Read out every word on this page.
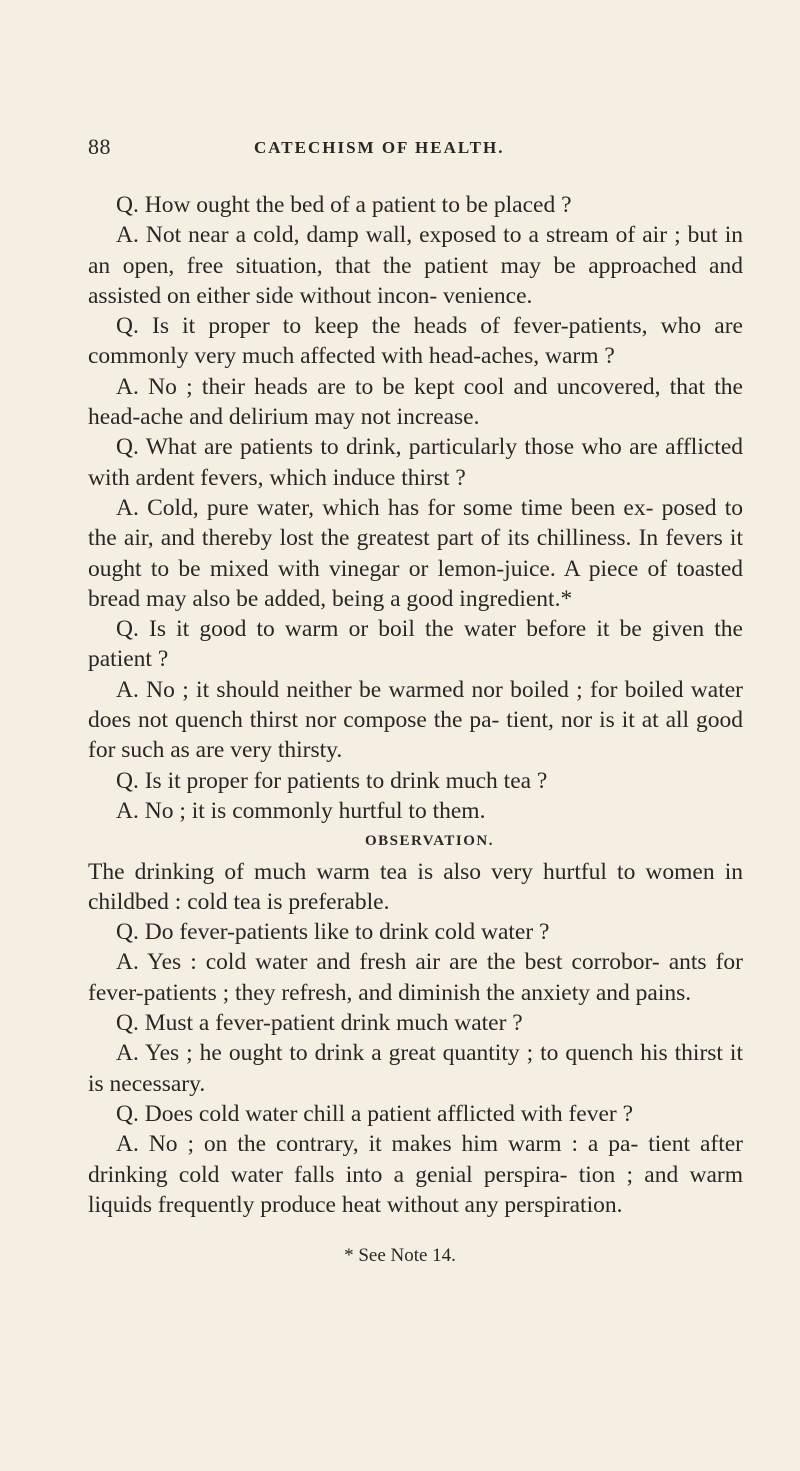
88	CATECHISM OF HEALTH.

Q. How ought the bed of a patient to be placed ?

A. Not near a cold, damp wall, exposed to a stream of air ; but in an open, free situation, that the patient may be approached and assisted on either side without incon- venience.

Q. Is it proper to keep the heads of fever-patients, who are commonly very much affected with head-aches, warm ?

A. No ; their heads are to be kept cool and uncovered, that the head-ache and delirium may not increase.

Q. What are patients to drink, particularly those who are afflicted with ardent fevers, which induce thirst ?

A. Cold, pure water, which has for some time been ex- posed to the air, and thereby lost the greatest part of its chilliness. In fevers it ought to be mixed with vinegar or lemon-juice. A piece of toasted bread may also be added, being a good ingredient.*

Q. Is it good to warm or boil the water before it be given the patient ?

A. No ; it should neither be warmed nor boiled ; for boiled water does not quench thirst nor compose the pa- tient, nor is it at all good for such as are very thirsty.

Q. Is it proper for patients to drink much tea ?

A. No ; it is commonly hurtful to them.

OBSERVATION.

The drinking of much warm tea is also very hurtful to women in childbed : cold tea is preferable.

Q. Do fever-patients like to drink cold water ?

A. Yes : cold water and fresh air are the best corrobor- ants for fever-patients ; they refresh, and diminish the anxiety and pains.

Q. Must a fever-patient drink much water ?

A. Yes ; he ought to drink a great quantity ; to quench his thirst it is necessary.

Q. Does cold water chill a patient afflicted with fever ?

A. No ; on the contrary, it makes him warm : a pa- tient after drinking cold water falls into a genial perspira- tion ; and warm liquids frequently produce heat without any perspiration.

* See Note 14.
